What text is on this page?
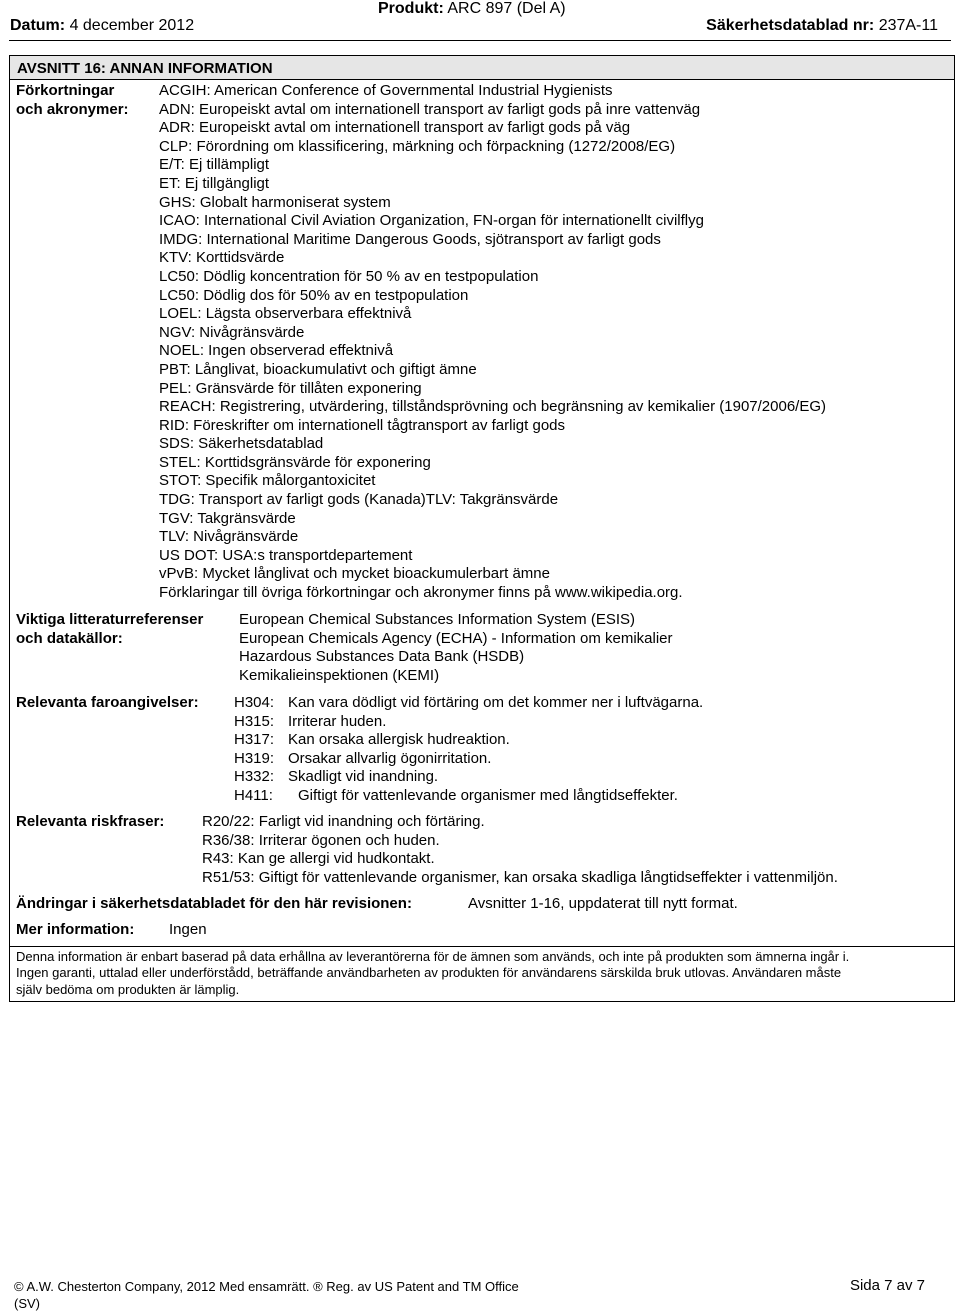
Produkt: ARC 897 (Del A)
Datum: 4 december 2012	Säkerhetsdatablad nr: 237A-11
AVSNITT 16: ANNAN INFORMATION
Förkortningar
och akronymer:
ACGIH: American Conference of Governmental Industrial Hygienists
ADN: Europeiskt avtal om internationell transport av farligt gods på inre vattenväg
ADR: Europeiskt avtal om internationell transport av farligt gods på väg
CLP: Förordning om klassificering, märkning och förpackning (1272/2008/EG)
E/T: Ej tillämpligt
ET: Ej tillgängligt
GHS: Globalt harmoniserat system
ICAO: International Civil Aviation Organization, FN-organ för internationellt civilflyg
IMDG: International Maritime Dangerous Goods, sjötransport av farligt gods
KTV: Korttidsvärde
LC50: Dödlig koncentration för 50 % av en testpopulation
LC50: Dödlig dos för 50% av en testpopulation
LOEL: Lägsta observerbara effektnivå
NGV: Nivågränsvärde
NOEL: Ingen observerad effektnivå
PBT: Långlivat, bioackumulativt och giftigt ämne
PEL: Gränsvärde för tillåten exponering
REACH: Registrering, utvärdering, tillståndsprövning och begränsning av kemikalier (1907/2006/EG)
RID: Föreskrifter om internationell tågtransport av farligt gods
SDS: Säkerhetsdatablad
STEL: Korttidsgränsvärde för exponering
STOT: Specifik målorgantoxicitet
TDG: Transport av farligt gods (Kanada)TLV: Takgränsvärde
TGV: Takgränsvärde
TLV: Nivågränsvärde
US DOT: USA:s transportdepartement
vPvB: Mycket långlivat och mycket bioackumulerbart ämne
Förklaringar till övriga förkortningar och akronymer finns på www.wikipedia.org.
Viktiga litteraturreferenser
och datakällor:
European Chemical Substances Information System (ESIS)
European Chemicals Agency (ECHA) - Information om kemikalier
Hazardous Substances Data Bank (HSDB)
Kemikalieinspektionen (KEMI)
Relevanta faroangivelser: H304: Kan vara dödligt vid förtäring om det kommer ner i luftvägarna.
H315: Irriterar huden.
H317: Kan orsaka allergisk hudreaktion.
H319: Orsakar allvarlig ögonirritation.
H332: Skadligt vid inandning.
H411: Giftigt för vattenlevande organismer med långtidseffekter.
Relevanta riskfraser:	R20/22: Farligt vid inandning och förtäring.
R36/38: Irriterar ögonen och huden.
R43: Kan ge allergi vid hudkontakt.
R51/53: Giftigt för vattenlevande organismer, kan orsaka skadliga långtidseffekter i vattenmiljön.
Ändringar i säkerhetsdatabladet för den här revisionen:	Avsnitter 1-16, uppdaterat till nytt format.
Mer information: Ingen
Denna information är enbart baserad på data erhållna av leverantörerna för de ämnen som används, och inte på produkten som ämnerna ingår i.
Ingen garanti, uttalad eller underförstådd, beträffande användbarheten av produkten för användarens särskilda bruk utlovas. Användaren måste
själv bedöma om produkten är lämplig.
© A.W. Chesterton Company, 2012 Med ensamrätt. ® Reg. av US Patent and TM Office
(SV)
Sida 7 av 7
